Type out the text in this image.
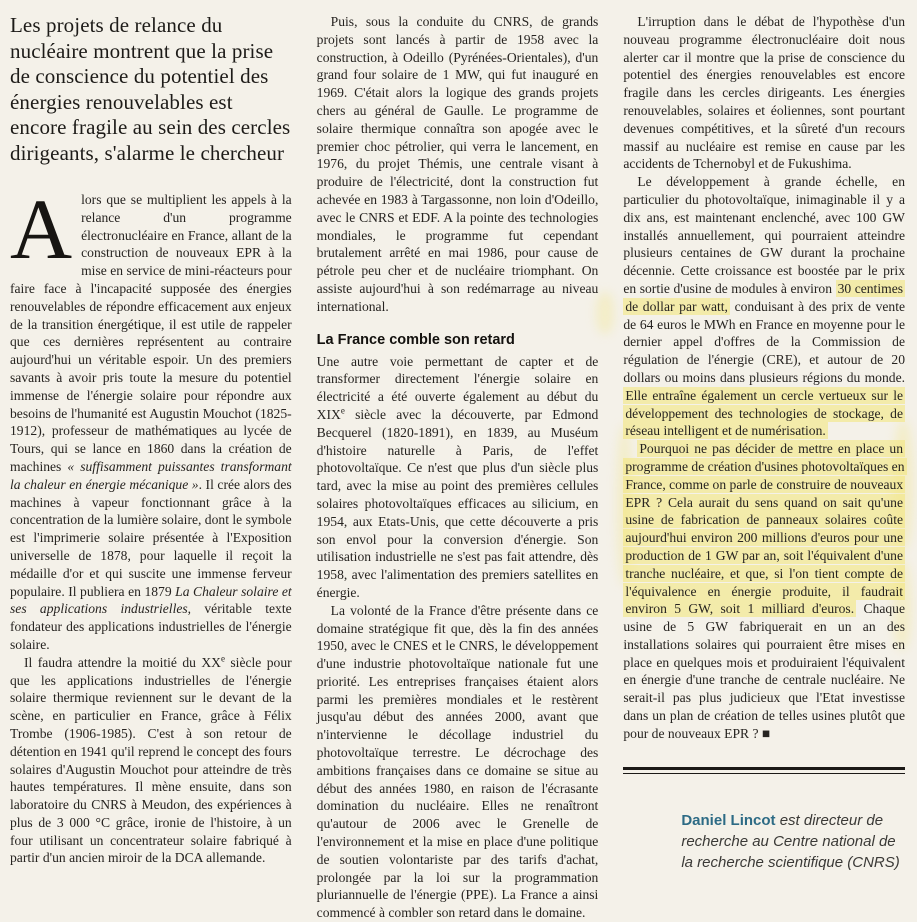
Les projets de relance du nucléaire montrent que la prise de conscience du potentiel des énergies renouvelables est encore fragile au sein des cercles dirigeants, s'alarme le chercheur

Alors que se multiplient les appels à la relance d'un programme électronucléaire en France, allant de la construction de nouveaux EPR à la mise en service de mini-réacteurs pour faire face à l'incapacité supposée des énergies renouvelables de répondre efficacement aux enjeux de la transition énergétique, il est utile de rappeler que ces dernières représentent au contraire aujourd'hui un véritable espoir. Un des premiers savants à avoir pris toute la mesure du potentiel immense de l'énergie solaire pour répondre aux besoins de l'humanité est Augustin Mouchot (1825-1912), professeur de mathématiques au lycée de Tours, qui se lance en 1860 dans la création de machines « suffisamment puissantes transformant la chaleur en énergie mécanique ». Il crée alors des machines à vapeur fonctionnant grâce à la concentration de la lumière solaire, dont le symbole est l'imprimerie solaire présentée à l'Exposition universelle de 1878, pour laquelle il reçoit la médaille d'or et qui suscite une immense ferveur populaire. Il publiera en 1879 La Chaleur solaire et ses applications industrielles, véritable texte fondateur des applications industrielles de l'énergie solaire.

Il faudra attendre la moitié du XXe siècle pour que les applications industrielles de l'énergie solaire thermique reviennent sur le devant de la scène, en particulier en France, grâce à Félix Trombe (1906-1985). C'est à son retour de détention en 1941 qu'il reprend le concept des fours solaires d'Augustin Mouchot pour atteindre de très hautes températures. Il mène ensuite, dans son laboratoire du CNRS à Meudon, des expériences à plus de 3 000 °C grâce, ironie de l'histoire, à un four utilisant un concentrateur solaire fabriqué à partir d'un ancien miroir de la DCA allemande.

Puis, sous la conduite du CNRS, de grands projets sont lancés à partir de 1958 avec la construction, à Odeillo (Pyrénées-Orientales), d'un grand four solaire de 1 MW, qui fut inauguré en 1969. C'était alors la logique des grands projets chers au général de Gaulle. Le programme de solaire thermique connaîtra son apogée avec le premier choc pétrolier, qui verra le lancement, en 1976, du projet Thémis, une centrale visant à produire de l'électricité, dont la construction fut achevée en 1983 à Targassonne, non loin d'Odeillo, avec le CNRS et EDF. A la pointe des technologies mondiales, le programme fut cependant brutalement arrêté en mai 1986, pour cause de pétrole peu cher et de nucléaire triomphant. On assiste aujourd'hui à son redémarrage au niveau international.

La France comble son retard

Une autre voie permettant de capter et de transformer directement l'énergie solaire en électricité a été ouverte également au début du XIXe siècle avec la découverte, par Edmond Becquerel (1820-1891), en 1839, au Muséum d'histoire naturelle à Paris, de l'effet photovoltaïque. Ce n'est que plus d'un siècle plus tard, avec la mise au point des premières cellules solaires photovoltaïques efficaces au silicium, en 1954, aux Etats-Unis, que cette découverte a pris son envol pour la conversion d'énergie. Son utilisation industrielle ne s'est pas fait attendre, dès 1958, avec l'alimentation des premiers satellites en énergie.

La volonté de la France d'être présente dans ce domaine stratégique fit que, dès la fin des années 1950, avec le CNES et le CNRS, le développement d'une industrie photovoltaïque nationale fut une priorité. Les entreprises françaises étaient alors parmi les premières mondiales et le restèrent jusqu'au début des années 2000, avant que n'intervienne le décollage industriel du photovoltaïque terrestre. Le décrochage des ambitions françaises dans ce domaine se situe au début des années 1980, en raison de l'écrasante domination du nucléaire. Elles ne renaîtront qu'autour de 2006 avec le Grenelle de l'environnement et la mise en place d'une politique de soutien volontariste par des tarifs d'achat, prolongée par la loi sur la programmation pluriannuelle de l'énergie (PPE). La France a ainsi commencé à combler son retard dans le domaine.

L'irruption dans le débat de l'hypothèse d'un nouveau programme électronucléaire doit nous alerter car il montre que la prise de conscience du potentiel des énergies renouvelables est encore fragile dans les cercles dirigeants. Les énergies renouvelables, solaires et éoliennes, sont pourtant devenues compétitives, et la sûreté d'un recours massif au nucléaire est remise en cause par les accidents de Tchernobyl et de Fukushima.

Le développement à grande échelle, en particulier du photovoltaïque, inimaginable il y a dix ans, est maintenant enclenché, avec 100 GW installés annuellement, qui pourraient atteindre plusieurs centaines de GW durant la prochaine décennie. Cette croissance est boostée par le prix en sortie d'usine de modules à environ 30 centimes de dollar par watt, conduisant à des prix de vente de 64 euros le MWh en France en moyenne pour le dernier appel d'offres de la Commission de régulation de l'énergie (CRE), et autour de 20 dollars ou moins dans plusieurs régions du monde. Elle entraîne également un cercle vertueux sur le développement des technologies de stockage, de réseau intelligent et de numérisation.

Pourquoi ne pas décider de mettre en place un programme de création d'usines photovoltaïques en France, comme on parle de construire de nouveaux EPR ? Cela aurait du sens quand on sait qu'une usine de fabrication de panneaux solaires coûte aujourd'hui environ 200 millions d'euros pour une production de 1 GW par an, soit l'équivalent d'une tranche nucléaire, et que, si l'on tient compte de l'équivalence en énergie produite, il faudrait environ 5 GW, soit 1 milliard d'euros. Chaque usine de 5 GW fabriquerait en un an des installations solaires qui pourraient être mises en place en quelques mois et produiraient l'équivalent en énergie d'une tranche de centrale nucléaire. Ne serait-il pas plus judicieux que l'Etat investisse dans un plan de création de telles usines plutôt que pour de nouveaux EPR ? ■

Daniel Lincot est directeur de recherche au Centre national de la recherche scientifique (CNRS)
